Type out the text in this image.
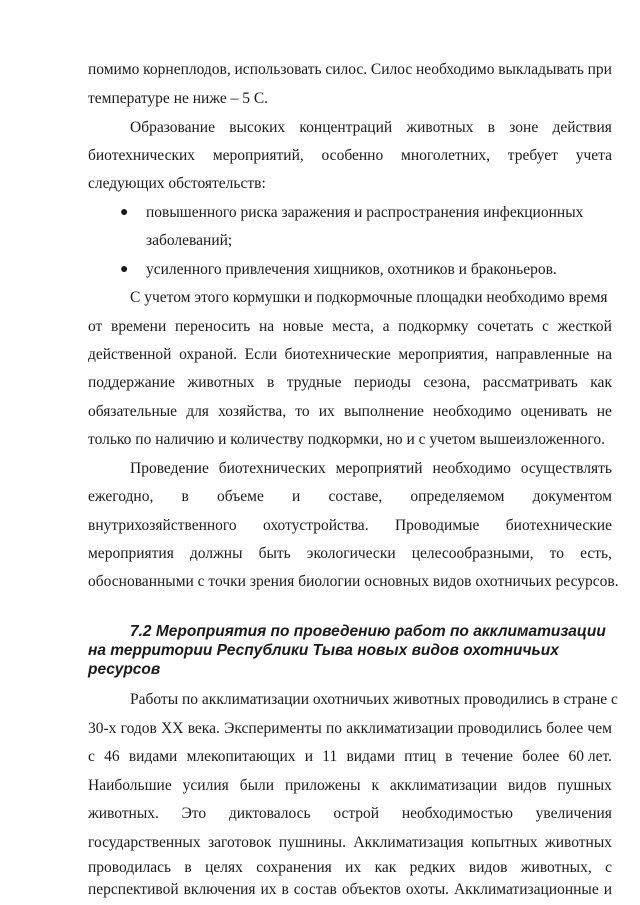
помимо корнеплодов, использовать силос. Силос необходимо выкладывать при
температуре не ниже – 5 С.
Образование высоких концентраций животных в зоне действия
биотехнических мероприятий, особенно многолетних, требует учета
следующих обстоятельств:
● повышенного риска заражения и распространения инфекционных
заболеваний;
● усиленного привлечения хищников, охотников и браконьеров.
С учетом этого кормушки и подкормочные площадки необходимо время
от времени переносить на новые места, а подкормку сочетать с жесткой
действенной охраной. Если биотехнические мероприятия, направленные на
поддержание животных в трудные периоды сезона, рассматривать как
обязательные для хозяйства, то их выполнение необходимо оценивать не
только по наличию и количеству подкормки, но и с учетом вышеизложенного.
Проведение биотехнических мероприятий необходимо осуществлять
ежегодно, в объеме и составе, определяемом документом
внутрихозяйственного охотустройства. Проводимые биотехнические
мероприятия должны быть экологически целесообразными, то есть,
обоснованными с точки зрения биологии основных видов охотничьих ресурсов.
7.2 Мероприятия по проведению работ по акклиматизации
на территории Республики Тыва новых видов охотничьих
ресурсов
Работы по акклиматизации охотничьих животных проводились в стране с
30-х годов XX века. Эксперименты по акклиматизации проводились более чем
с 46 видами млекопитающих и 11 видами птиц в течение более 60 лет.
Наибольшие усилия были приложены к акклиматизации видов пушных
животных. Это диктовалось острой необходимостью увеличения
государственных заготовок пушнины. Акклиматизация копытных животных
проводилась в целях сохранения их как редких видов животных, с
перспективой включения их в состав объектов охоты. Акклиматизационные и
